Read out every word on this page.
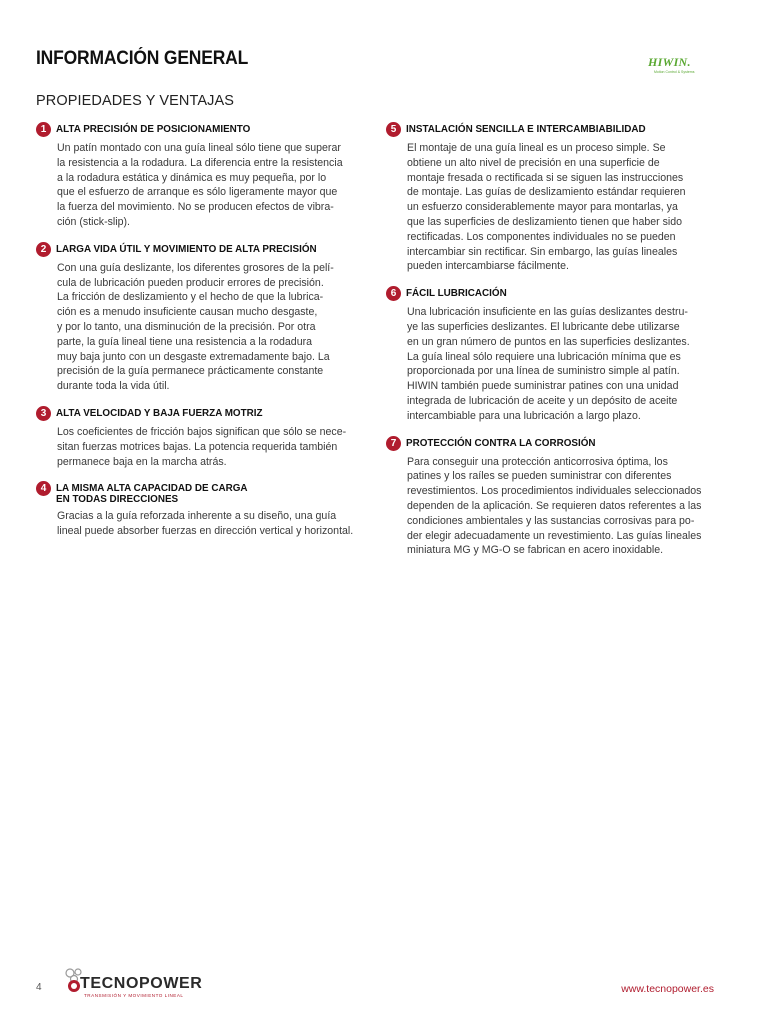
INFORMACIÓN GENERAL	HIWIN.
Motion Control & Systems
PROPIEDADES Y VENTAJAS
1 ALTA PRECISIÓN DE POSICIONAMIENTO
Un patín montado con una guía lineal sólo tiene que superar
la resistencia a la rodadura. La diferencia entre la resistencia
a la rodadura estática y dinámica es muy pequeña, por lo
que el esfuerzo de arranque es sólo ligeramente mayor que
la fuerza del movimiento. No se producen efectos de vibra-
ción (stick-slip).
2 LARGA VIDA ÚTIL Y MOVIMIENTO DE ALTA PRECISIÓN
Con una guía deslizante, los diferentes grosores de la pelí-
cula de lubricación pueden producir errores de precisión.
La fricción de deslizamiento y el hecho de que la lubrica-
ción es a menudo insuficiente causan mucho desgaste,
y por lo tanto, una disminución de la precisión. Por otra
parte, la guía lineal tiene una resistencia a la rodadura
muy baja junto con un desgaste extremadamente bajo. La
precisión de la guía permanece prácticamente constante
durante toda la vida útil.
3 ALTA VELOCIDAD Y BAJA FUERZA MOTRIZ
Los coeficientes de fricción bajos significan que sólo se nece-
sitan fuerzas motrices bajas. La potencia requerida también
permanece baja en la marcha atrás.
4 LA MISMA ALTA CAPACIDAD DE CARGA
EN TODAS DIRECCIONES
Gracias a la guía reforzada inherente a su diseño, una guía
lineal puede absorber fuerzas en dirección vertical y horizontal.
5 INSTALACIÓN SENCILLA E INTERCAMBIABILIDAD
El montaje de una guía lineal es un proceso simple. Se
obtiene un alto nivel de precisión en una superficie de
montaje fresada o rectificada si se siguen las instrucciones
de montaje. Las guías de deslizamiento estándar requieren
un esfuerzo considerablemente mayor para montarlas, ya
que las superficies de deslizamiento tienen que haber sido
rectificadas. Los componentes individuales no se pueden
intercambiar sin rectificar. Sin embargo, las guías lineales
pueden intercambiarse fácilmente.
6 FÁCIL LUBRICACIÓN
Una lubricación insuficiente en las guías deslizantes destru-
ye las superficies deslizantes. El lubricante debe utilizarse
en un gran número de puntos en las superficies deslizantes.
La guía lineal sólo requiere una lubricación mínima que es
proporcionada por una línea de suministro simple al patín.
HIWIN también puede suministrar patines con una unidad
integrada de lubricación de aceite y un depósito de aceite
intercambiable para una lubricación a largo plazo.
7 PROTECCIÓN CONTRA LA CORROSIÓN
Para conseguir una protección anticorrosiva óptima, los
patines y los raíles se pueden suministrar con diferentes
revestimientos. Los procedimientos individuales seleccionados
dependen de la aplicación. Se requieren datos referentes a las
condiciones ambientales y las sustancias corrosivas para po-
der elegir adecuadamente un revestimiento. Las guías lineales
miniatura MG y MG-O se fabrican en acero inoxidable.
4 TECNOPOWER
TRANSMISIÓN Y MOVIMIENTO LINEAL
www.tecnopower.es
